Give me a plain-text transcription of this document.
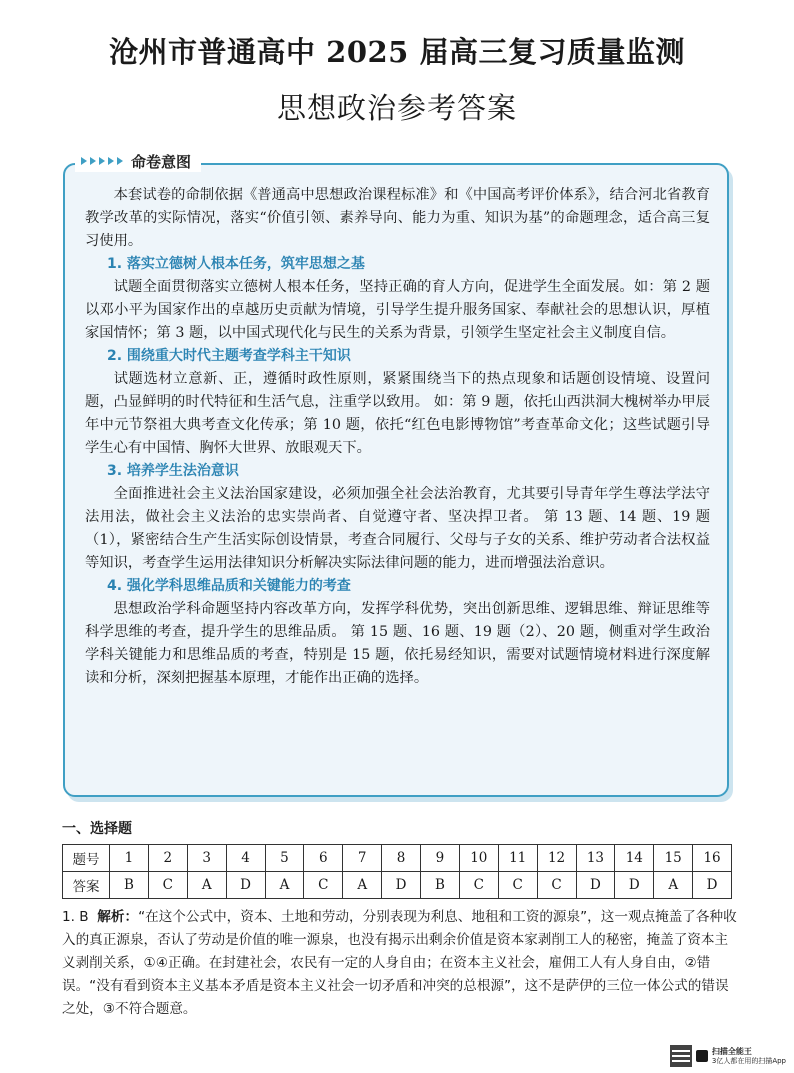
沧州市普通高中 2025 届高三复习质量监测
思想政治参考答案
命卷意图

本套试卷的命制依据《普通高中思想政治课程标准》和《中国高考评价体系》，结合河北省教育教学改革的实际情况，落实“价值引领、素养导向、能力为重、知识为基”的命题理念，适合高三复习使用。

1. 落实立德树人根本任务，筑牢思想之基

试题全面贯彻落实立德树人根本任务，坚持正确的育人方向，促进学生全面发展。如：第 2 题以邓小平为国家作出的卓越历史贡献为情境，引导学生提升服务国家、奉献社会的思想认识，厚植家国情怀；第 3 题，以中国式现代化与民生的关系为背景，引领学生坚定社会主义制度自信。

2. 围绕重大时代主题考查学科主干知识

试题选材立意新、正，遵循时政性原则，紧紧围绕当下的热点现象和话题创设情境、设置问题，凸显鲜明的时代特征和生活气息，注重学以致用。 如：第 9 题，依托山西洪洞大槐树举办甲辰年中元节祭祖大典考查文化传承；第 10 题，依托“红色电影博物馆”考查革命文化；这些试题引导学生心有中国情、胸怀大世界、放眼观天下。

3. 培养学生法治意识

全面推进社会主义法治国家建设，必须加强全社会法治教育，尤其要引导青年学生尊法学法守法用法，做社会主义法治的忠实崇尚者、自觉遵守者、坚决捍卫者。 第 13 题、14 题、19 题（1），紧密结合生产生活实际创设情景，考查合同履行、父母与子女的关系、维护劳动者合法权益等知识，考查学生运用法律知识分析解决实际法律问题的能力，进而增强法治意识。

4. 强化学科思维品质和关键能力的考查

思想政治学科命题坚持内容改革方向，发挥学科优势，突出创新思维、逻辑思维、辩证思维等科学思维的考查，提升学生的思维品质。 第 15 题、16 题、19 题（2）、20 题，侧重对学生政治学科关键能力和思维品质的考查，特别是 15 题，依托易经知识，需要对试题情境材料进行深度解读和分析，深刻把握基本原理，才能作出正确的选择。

一、选择题
题号	1	2	3	4	5	6	7	8	9	10	11	12	13	14	15	16
答案	B	C	A	D	A	C	A	D	B	C	C	C	D	D	A	D
1. B 解析：“在这个公式中，资本、土地和劳动，分别表现为利息、地租和工资的源泉”，这一观点掩盖了各种收入的真正源泉，否认了劳动是价值的唯一源泉，也没有揭示出剩余价值是资本家剥削工人的秘密，掩盖了资本主义剥削关系，①④正确。在封建社会，农民有一定的人身自由；在资本主义社会，雇佣工人有人身自由，②错误。“没有看到资本主义基本矛盾是资本主义社会一切矛盾和冲突的总根源”，这不是萨伊的三位一体公式的错误之处，③不符合题意。
扫描全能王
3亿人都在用的扫描App
